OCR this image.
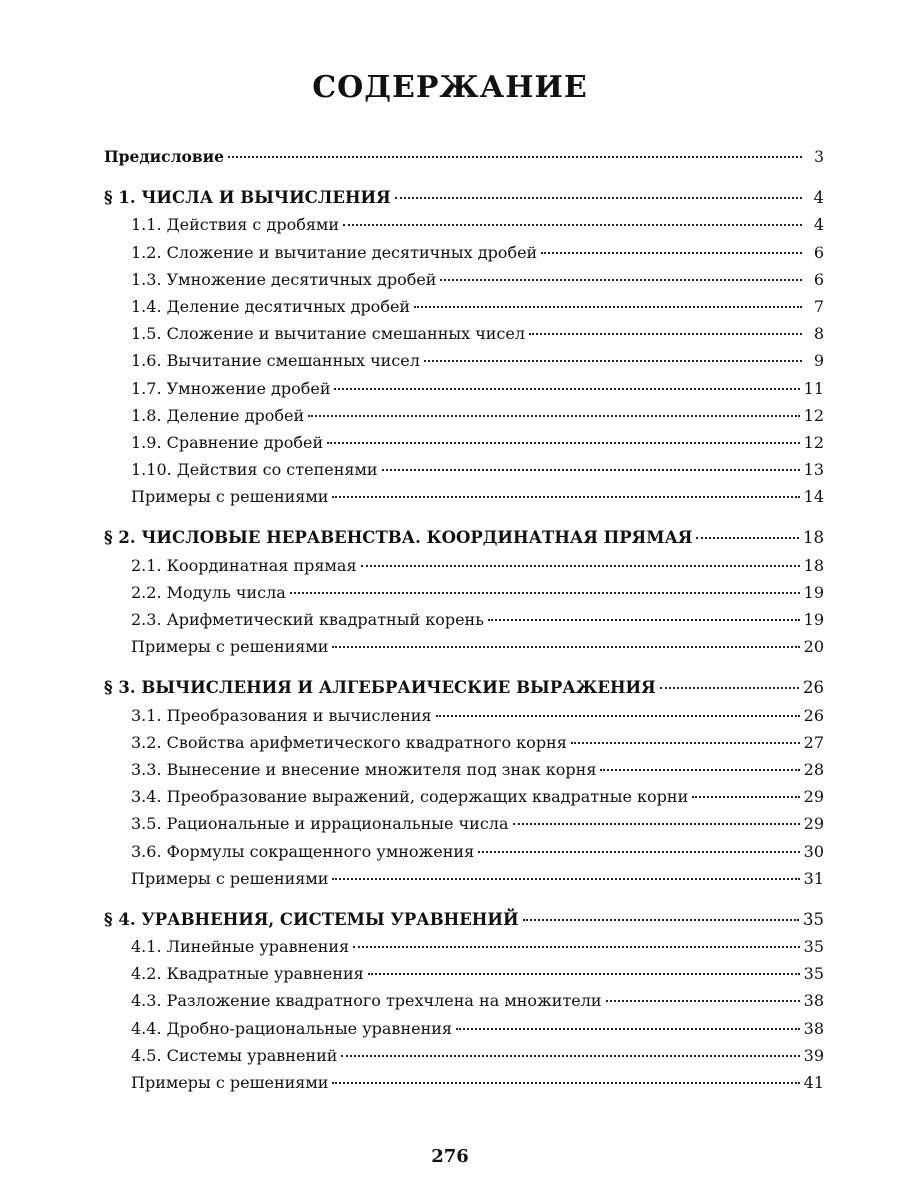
СОДЕРЖАНИЕ
Предисловие	3
§ 1. ЧИСЛА И ВЫЧИСЛЕНИЯ	4
1.1. Действия с дробями	4
1.2. Сложение и вычитание десятичных дробей	6
1.3. Умножение десятичных дробей	6
1.4. Деление десятичных дробей	7
1.5. Сложение и вычитание смешанных чисел	8
1.6. Вычитание смешанных чисел	9
1.7. Умножение дробей	11
1.8. Деление дробей	12
1.9. Сравнение дробей	12
1.10. Действия со степенями	13
Примеры с решениями	14
§ 2. ЧИСЛОВЫЕ НЕРАВЕНСТВА. КООРДИНАТНАЯ ПРЯМАЯ	18
2.1. Координатная прямая	18
2.2. Модуль числа	19
2.3. Арифметический квадратный корень	19
Примеры с решениями	20
§ 3. ВЫЧИСЛЕНИЯ И АЛГЕБРАИЧЕСКИЕ ВЫРАЖЕНИЯ	26
3.1. Преобразования и вычисления	26
3.2. Свойства арифметического квадратного корня	27
3.3. Вынесение и внесение множителя под знак корня	28
3.4. Преобразование выражений, содержащих квадратные корни	29
3.5. Рациональные и иррациональные числа	29
3.6. Формулы сокращенного умножения	30
Примеры с решениями	31
§ 4. УРАВНЕНИЯ, СИСТЕМЫ УРАВНЕНИЙ	35
4.1. Линейные уравнения	35
4.2. Квадратные уравнения	35
4.3. Разложение квадратного трехчлена на множители	38
4.4. Дробно-рациональные уравнения	38
4.5. Системы уравнений	39
Примеры с решениями	41
276
